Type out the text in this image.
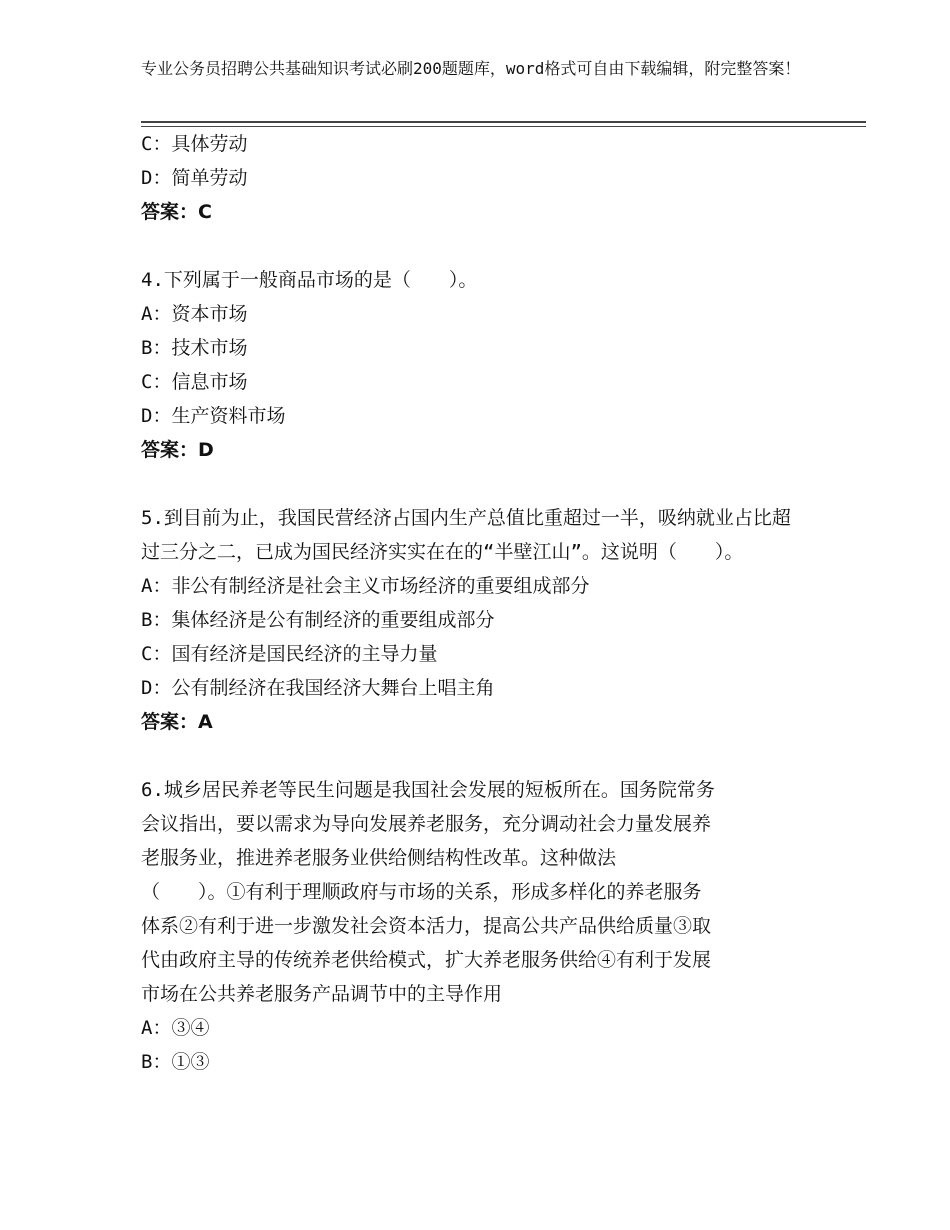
专业公务员招聘公共基础知识考试必刷200题题库，word格式可自由下载编辑，附完整答案！

C：具体劳动

D：简单劳动

答案：C

4.下列属于一般商品市场的是（　　）。

A：资本市场

B：技术市场

C：信息市场

D：生产资料市场

答案：D

5.到目前为止，我国民营经济占国内生产总值比重超过一半，吸纳就业占比超过三分之二，已成为国民经济实实在在的“半壁江山”。这说明（　　）。

A：非公有制经济是社会主义市场经济的重要组成部分

B：集体经济是公有制经济的重要组成部分

C：国有经济是国民经济的主导力量

D：公有制经济在我国经济大舞台上唱主角

答案：A

6.城乡居民养老等民生问题是我国社会发展的短板所在。国务院常务

会议指出，要以需求为导向发展养老服务，充分调动社会力量发展养

老服务业，推进养老服务业供给侧结构性改革。这种做法

（　　）。①有利于理顺政府与市场的关系，形成多样化的养老服务

体系②有利于进一步激发社会资本活力，提高公共产品供给质量③取

代由政府主导的传统养老供给模式，扩大养老服务供给④有利于发展

市场在公共养老服务产品调节中的主导作用

A：③④

B：①③
